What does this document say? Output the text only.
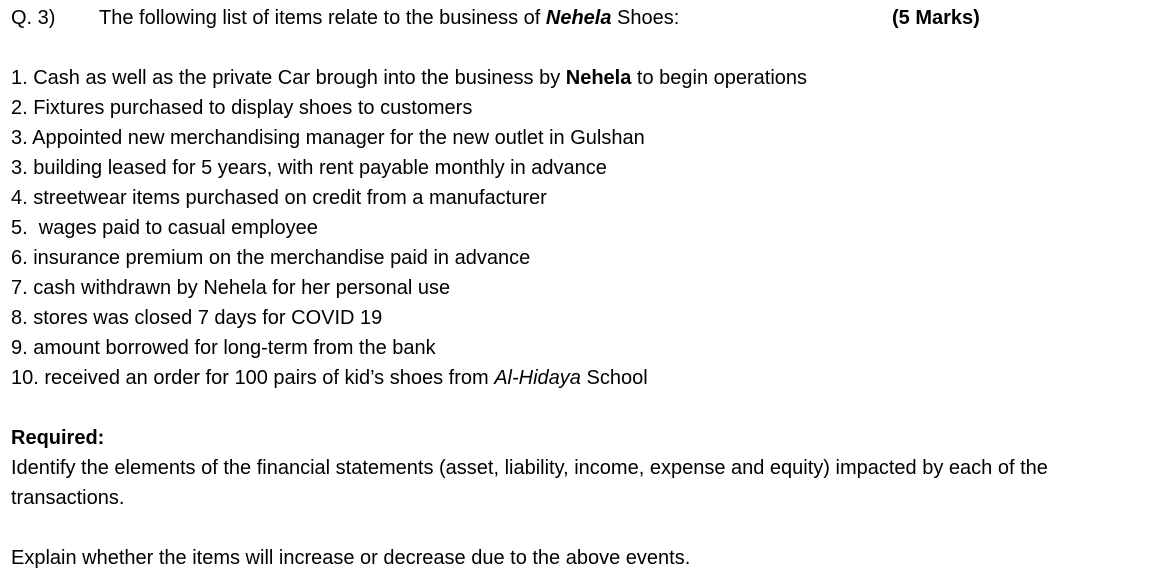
Q. 3) The following list of items relate to the business of Nehela Shoes:	(5 Marks)
1. Cash as well as the private Car brough into the business by Nehela to begin operations
2. Fixtures purchased to display shoes to customers
3. Appointed new merchandising manager for the new outlet in Gulshan
3. building leased for 5 years, with rent payable monthly in advance
4. streetwear items purchased on credit from a manufacturer
5.  wages paid to casual employee
6. insurance premium on the merchandise paid in advance
7. cash withdrawn by Nehela for her personal use
8. stores was closed 7 days for COVID 19
9. amount borrowed for long-term from the bank
10. received an order for 100 pairs of kid’s shoes from Al-Hidaya School
Required:
Identify the elements of the financial statements (asset, liability, income, expense and equity) impacted by each of the transactions.
Explain whether the items will increase or decrease due to the above events.
